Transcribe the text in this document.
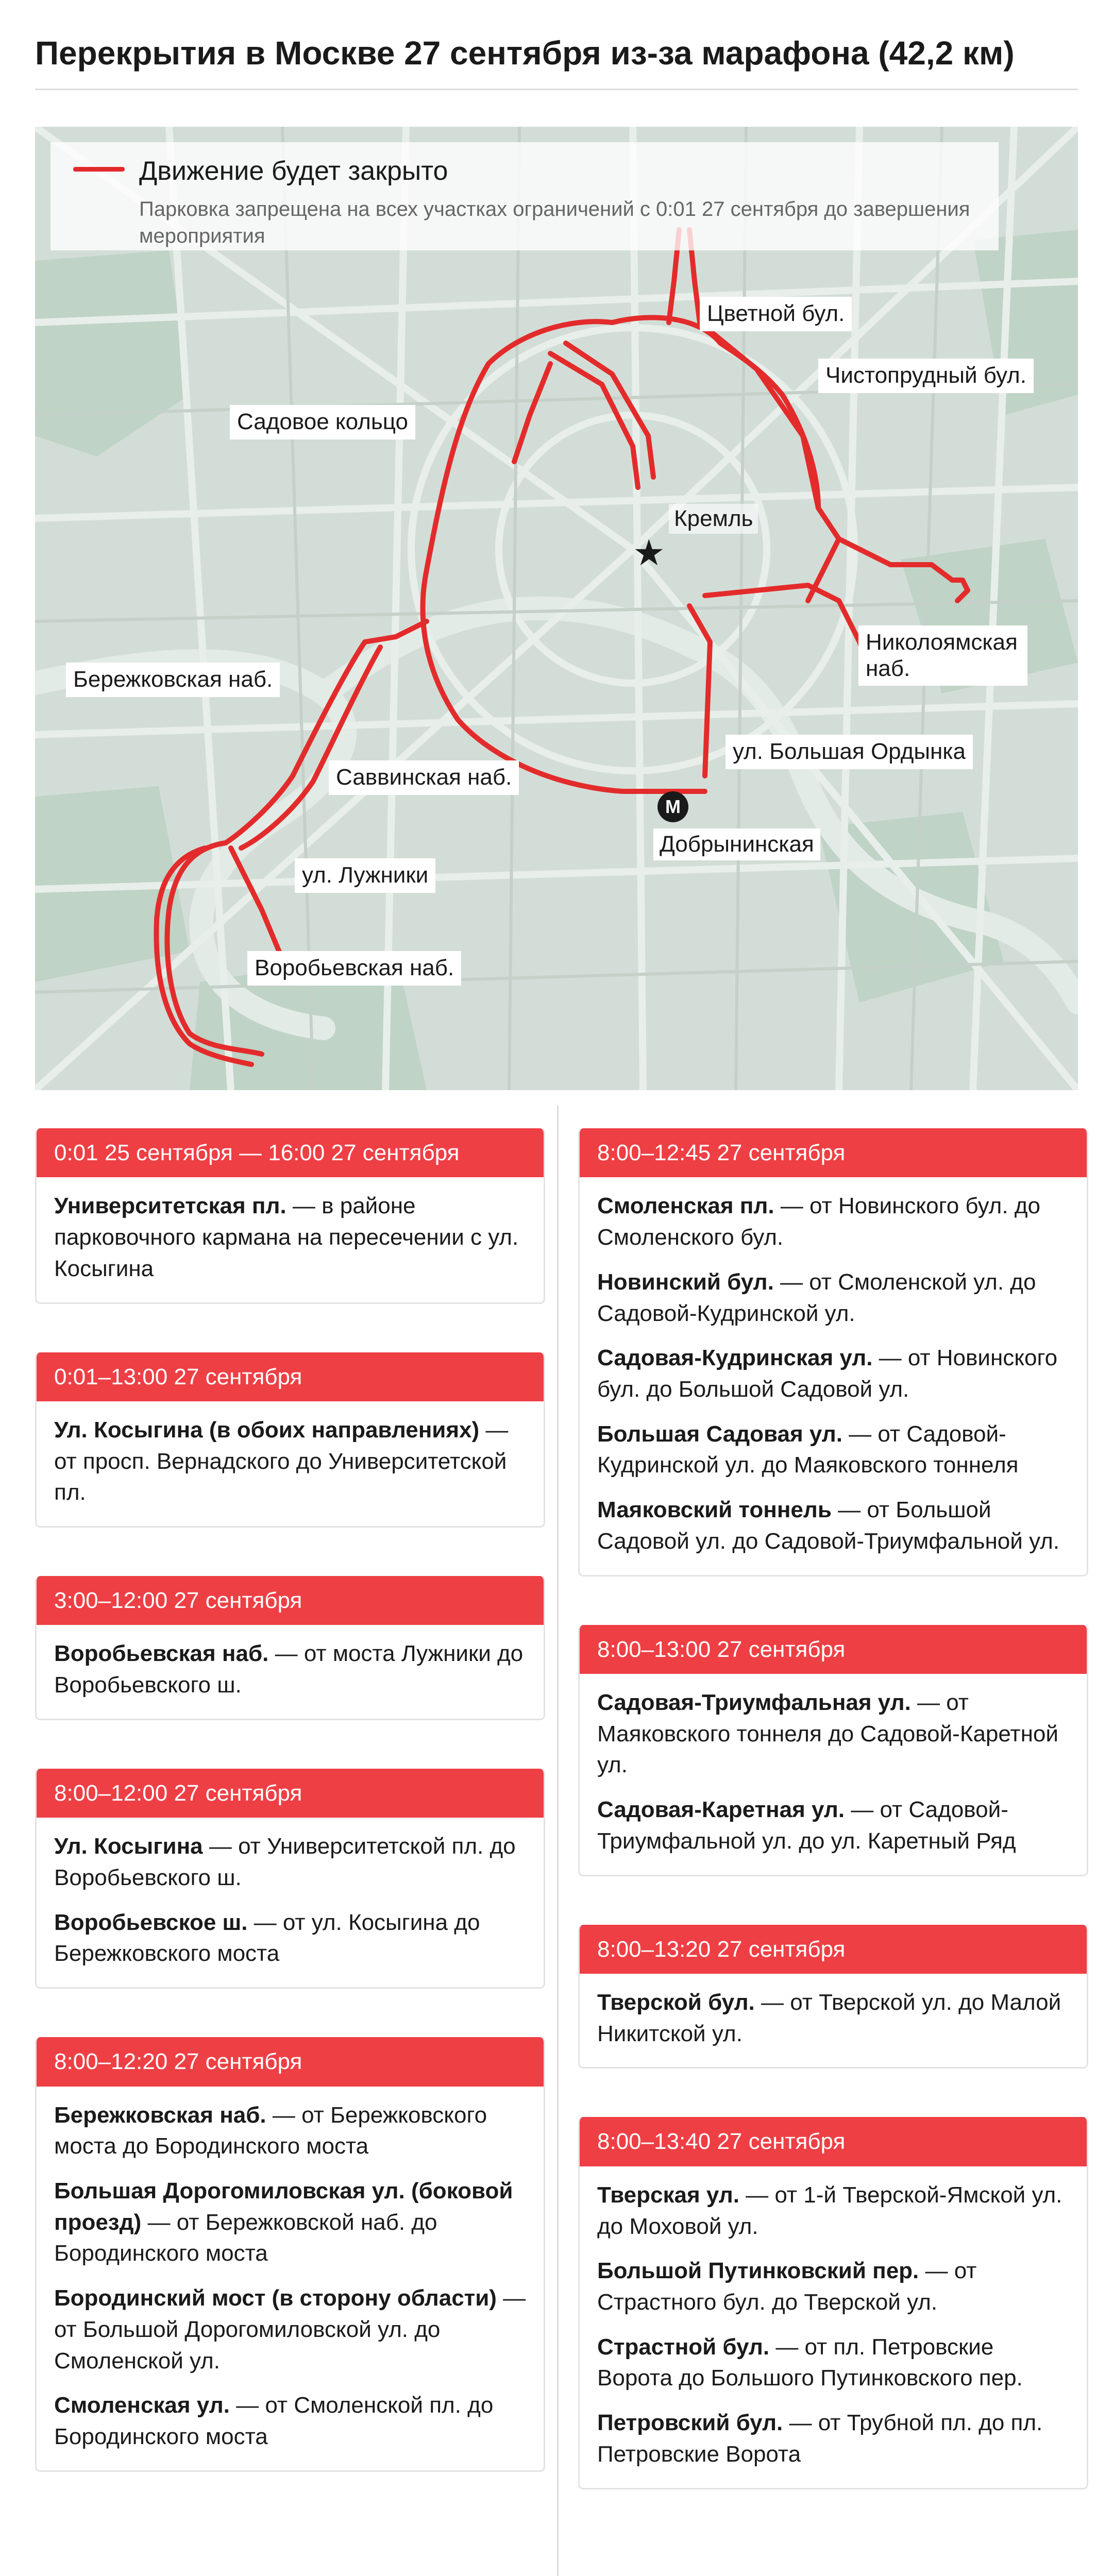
Перекрытия в Москве 27 сентября из-за марафона (42,2 км)
Движение будет закрыто
Парковка запрещена на всех участках ограничений с 0:01 27 сентября до завершения мероприятия
Цветной бул.
Чистопрудный бул.
Садовое кольцо
Кремль
★
Николоямская наб.
Бережковская наб.
Саввинская наб.
ул. Большая Ордынка
М
Добрынинская
ул. Лужники
Воробьевская наб.
0:01 25 сентября — 16:00 27 сентября
Университетская пл. — в районе парковочного кармана на пересечении с ул. Косыгина
0:01–13:00 27 сентября
Ул. Косыгина (в обоих направлениях) — от просп. Вернадского до Университетской пл.
3:00–12:00 27 сентября
Воробьевская наб. — от моста Лужники до Воробьевского ш.
8:00–12:00 27 сентября
Ул. Косыгина — от Университетской пл. до Воробьевского ш.
Воробьевское ш. — от ул. Косыгина до Бережковского моста
8:00–12:20 27 сентября
Бережковская наб. — от Бережковского моста до Бородинского моста
Большая Дорогомиловская ул. (боковой проезд) — от Бережковской наб. до Бородинского моста
Бородинский мост (в сторону области) — от Большой Дорогомиловской ул. до Смоленской ул.
Смоленская ул. — от Смоленской пл. до Бородинского моста
8:00–12:45 27 сентября
Смоленская пл. — от Новинского бул. до Смоленского бул.
Новинский бул. — от Смоленской ул. до Садовой-Кудринской ул.
Садовая-Кудринская ул. — от Новинского бул. до Большой Садовой ул.
Большая Садовая ул. — от Садовой-Кудринской ул. до Маяковского тоннеля
Маяковский тоннель — от Большой Садовой ул. до Садовой-Триумфальной ул.
8:00–13:00 27 сентября
Садовая-Триумфальная ул. — от Маяковского тоннеля до Садовой-Каретной ул.
Садовая-Каретная ул. — от Садовой-Триумфальной ул. до ул. Каретный Ряд
8:00–13:20 27 сентября
Тверской бул. — от Тверской ул. до Малой Никитской ул.
8:00–13:40 27 сентября
Тверская ул. — от 1-й Тверской-Ямской ул. до Моховой ул.
Большой Путинковский пер. — от Страстного бул. до Тверской ул.
Страстной бул. — от пл. Петровские Ворота до Большого Путинковского пер.
Петровский бул. — от Трубной пл. до пл. Петровские Ворота
